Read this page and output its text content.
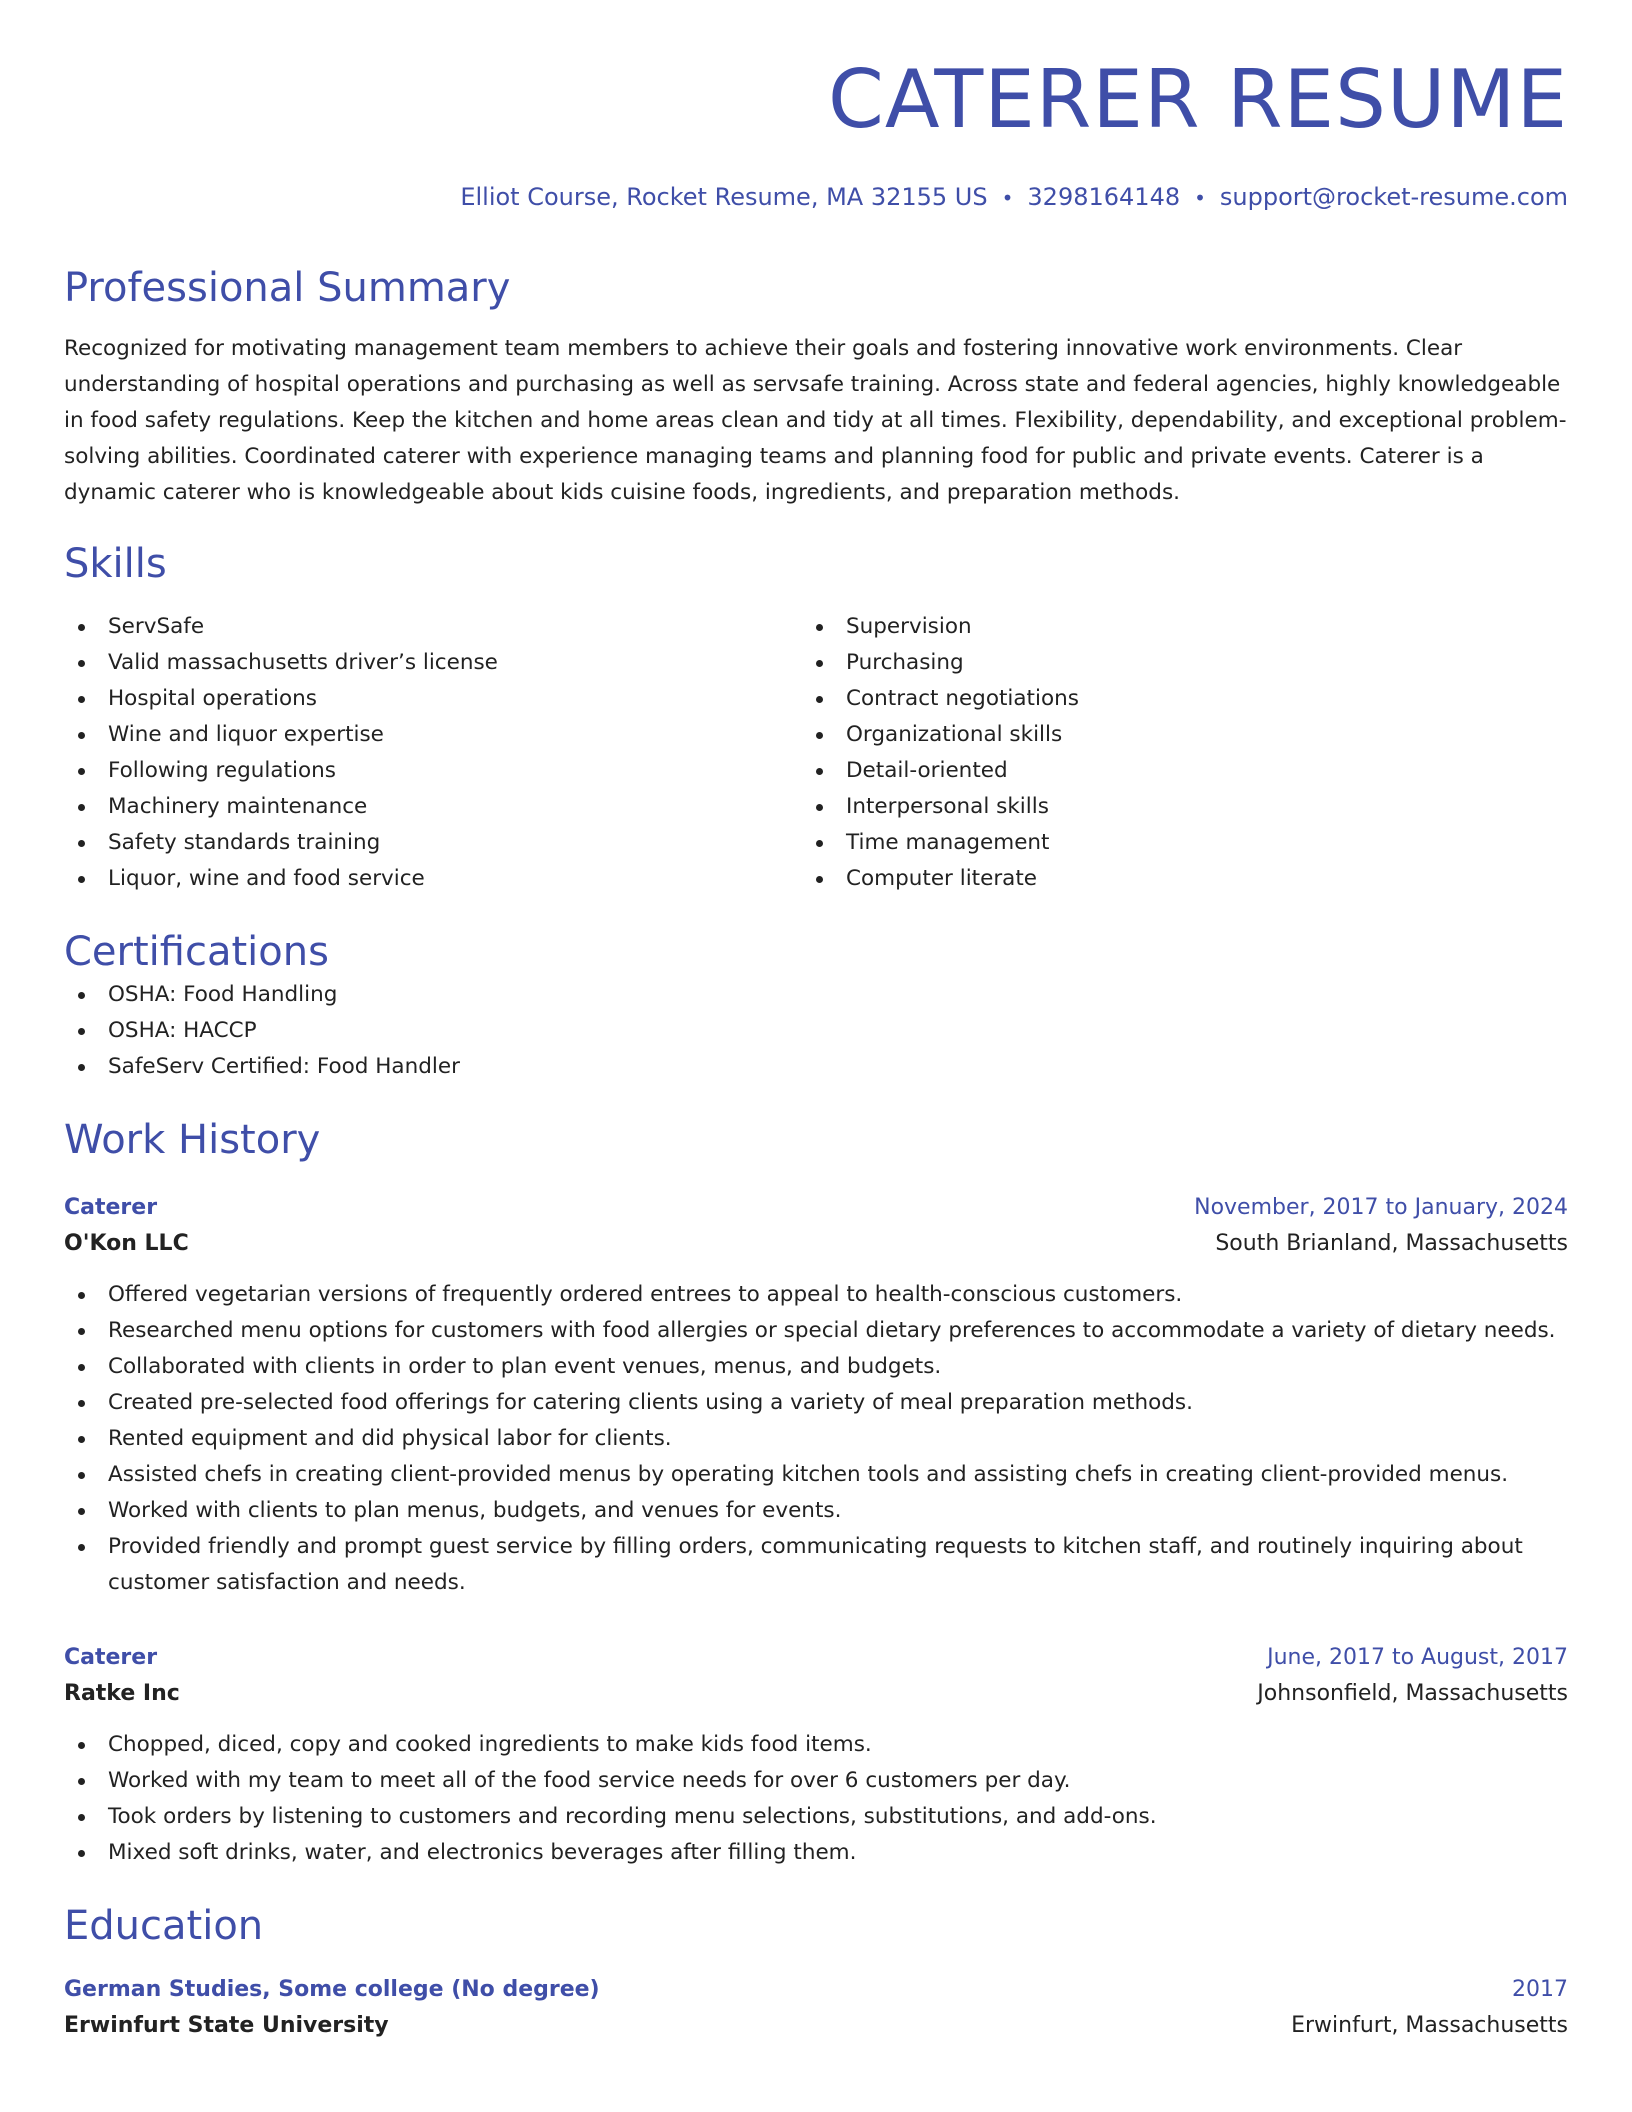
CATERER RESUME
Elliot Course, Rocket Resume, MA 32155 US • 3298164148 • support@rocket-resume.com
Professional Summary

Recognized for motivating management team members to achieve their goals and fostering innovative work environments. Clear understanding of hospital operations and purchasing as well as servsafe training. Across state and federal agencies, highly knowledgeable in food safety regulations. Keep the kitchen and home areas clean and tidy at all times. Flexibility, dependability, and exceptional problem-solving abilities. Coordinated caterer with experience managing teams and planning food for public and private events. Caterer is a dynamic caterer who is knowledgeable about kids cuisine foods, ingredients, and preparation methods.

Skills
ServSafe
Valid massachusetts driver’s license
Hospital operations
Wine and liquor expertise
Following regulations
Machinery maintenance
Safety standards training
Liquor, wine and food service
Supervision
Purchasing
Contract negotiations
Organizational skills
Detail-oriented
Interpersonal skills
Time management
Computer literate
Certifications
OSHA: Food Handling
OSHA: HACCP
SafeServ Certified: Food Handler
Work History
Caterer	November, 2017 to January, 2024
O'Kon LLC	South Brianland, Massachusetts
Offered vegetarian versions of frequently ordered entrees to appeal to health-conscious customers.
Researched menu options for customers with food allergies or special dietary preferences to accommodate a variety of dietary needs.
Collaborated with clients in order to plan event venues, menus, and budgets.
Created pre-selected food offerings for catering clients using a variety of meal preparation methods.
Rented equipment and did physical labor for clients.
Assisted chefs in creating client-provided menus by operating kitchen tools and assisting chefs in creating client-provided menus.
Worked with clients to plan menus, budgets, and venues for events.
Provided friendly and prompt guest service by filling orders, communicating requests to kitchen staff, and routinely inquiring about customer satisfaction and needs.
Caterer	June, 2017 to August, 2017
Ratke Inc	Johnsonfield, Massachusetts
Chopped, diced, copy and cooked ingredients to make kids food items.
Worked with my team to meet all of the food service needs for over 6 customers per day.
Took orders by listening to customers and recording menu selections, substitutions, and add-ons.
Mixed soft drinks, water, and electronics beverages after filling them.
Education
German Studies, Some college (No degree)	2017
Erwinfurt State University	Erwinfurt, Massachusetts
